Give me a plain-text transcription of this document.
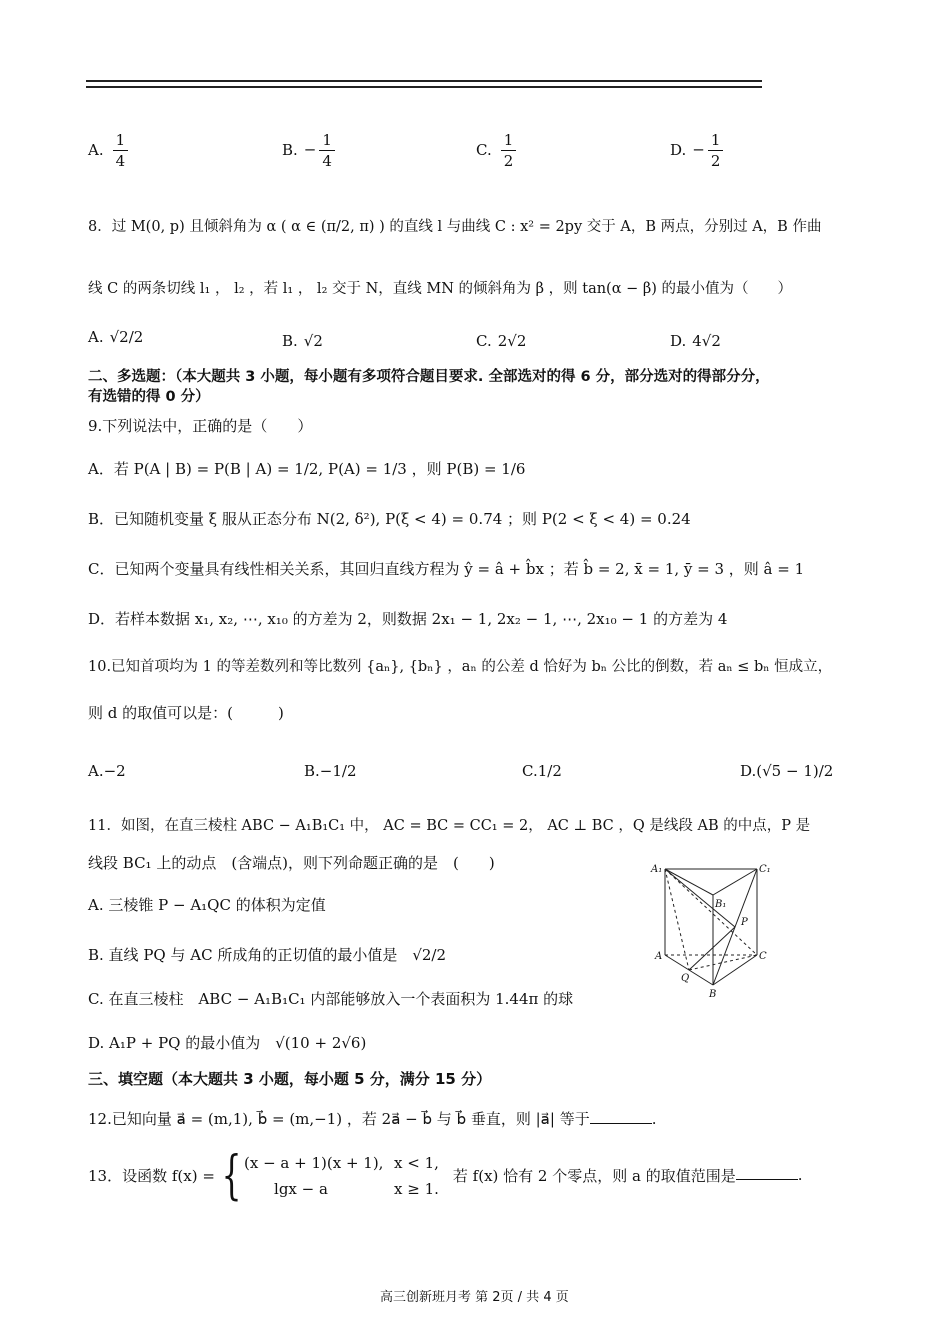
A. $\frac{1}{4}$	B. − $\frac{1}{4}$	C. $\frac{1}{2}$	D. − $\frac{1}{2}$
8．过 M(0, p) 且倾斜角为 α ( α ∈ (π/2, π) ) 的直线 l 与曲线 C : x² = 2py 交于 A，B 两点，分别过 A，B 作曲
线 C 的两条切线 l₁ ， l₂ ，若 l₁ ， l₂ 交于 N，直线 MN 的倾斜角为 β ，则 tan(α − β) 的最小值为（　　）
A. √2/2	B. √2	C. 2√2	D. 4√2
二、多选题：（本大题共 3 小题，每小题有多项符合题目要求. 全部选对的得 6 分，部分选对的得部分分，
有选错的得 0 分）
9.下列说法中，正确的是（　　）
A．若 P(A | B) = P(B | A) = 1/2, P(A) = 1/3 ，则 P(B) = 1/6
B．已知随机变量 ξ 服从正态分布 N(2, δ²), P(ξ < 4) = 0.74 ；则 P(2 < ξ < 4) = 0.24
C．已知两个变量具有线性相关关系，其回归直线方程为 ŷ = â + b̂x ；若 b̂ = 2, x̄ = 1, ȳ = 3 ，则 â = 1
D．若样本数据 x₁, x₂, ⋯, x₁₀ 的方差为 2，则数据 2x₁ − 1, 2x₂ − 1, ⋯, 2x₁₀ − 1 的方差为 4
10.已知首项均为 1 的等差数列和等比数列 {aₙ}, {bₙ} ，aₙ 的公差 d 恰好为 bₙ 公比的倒数，若 aₙ ≤ bₙ 恒成立，
则 d 的取值可以是：(　　　)
A.−2	B.−1/2	C.1/2	D.(√5 − 1)/2
11．如图，在直三棱柱 ABC − A₁B₁C₁ 中， AC = BC = CC₁ = 2， AC ⊥ BC ，Q 是线段 AB 的中点，P 是
线段 BC₁ 上的动点　(含端点)，则下列命题正确的是　(　　)
A. 三棱锥 P − A₁QC 的体积为定值
B. 直线 PQ 与 AC 所成角的正切值的最小值是　√2/2
C. 在直三棱柱　ABC − A₁B₁C₁ 内部能够放入一个表面积为 1.44π 的球
D. A₁P + PQ 的最小值为　√(10 + 2√6)
A₁	C₁
B₁
P
A	C
Q
B
三、填空题（本大题共 3 小题，每小题 5 分，满分 15 分）
12.已知向量 a⃗ = (m,1), b⃗ = (m,−1) ，若 2a⃗ − b⃗ 与 b⃗ 垂直，则 |a⃗| 等于	.
13．设函数 f(x) = { (x − a + 1)(x + 1), x < 1,
lgx − a	x ≥ 1.
若 f(x) 恰有 2 个零点，则 a 的取值范围是	.
高三创新班月考 第 2页 / 共 4 页
